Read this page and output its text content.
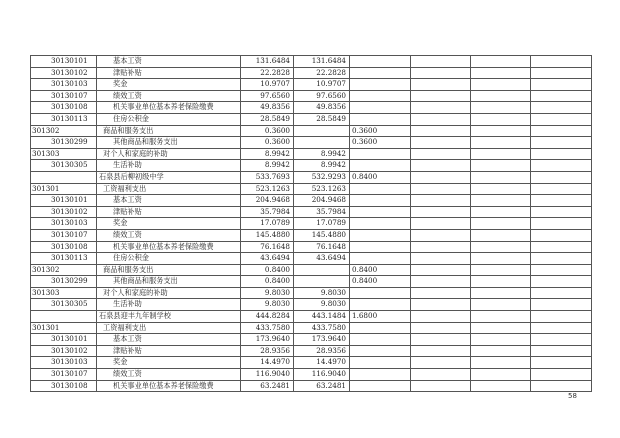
30130101	基本工资	131.6484	131.6484				
30130102	津贴补贴	22.2828	22.2828				
30130103	奖金	10.9707	10.9707				
30130107	绩效工资	97.6560	97.6560				
30130108	机关事业单位基本养老保险缴费	49.8356	49.8356				
30130113	住房公积金	28.5849	28.5849				
301302	商品和服务支出	0.3600		0.3600			
30130299	其他商品和服务支出	0.3600		0.3600			
301303	对个人和家庭的补助	8.9942	8.9942				
30130305	生活补助	8.9942	8.9942				
	石泉县后柳初级中学	533.7693	532.9293	0.8400			
301301	工资福利支出	523.1263	523.1263				
30130101	基本工资	204.9468	204.9468				
30130102	津贴补贴	35.7984	35.7984				
30130103	奖金	17.0789	17.0789				
30130107	绩效工资	145.4880	145.4880				
30130108	机关事业单位基本养老保险缴费	76.1648	76.1648				
30130113	住房公积金	43.6494	43.6494				
301302	商品和服务支出	0.8400		0.8400			
30130299	其他商品和服务支出	0.8400		0.8400			
301303	对个人和家庭的补助	9.8030	9.8030				
30130305	生活补助	9.8030	9.8030				
	石泉县迎丰九年制学校	444.8284	443.1484	1.6800			
301301	工资福利支出	433.7580	433.7580				
30130101	基本工资	173.9640	173.9640				
30130102	津贴补贴	28.9356	28.9356				
30130103	奖金	14.4970	14.4970				
30130107	绩效工资	116.9040	116.9040				
30130108	机关事业单位基本养老保险缴费	63.2481	63.2481				
58
